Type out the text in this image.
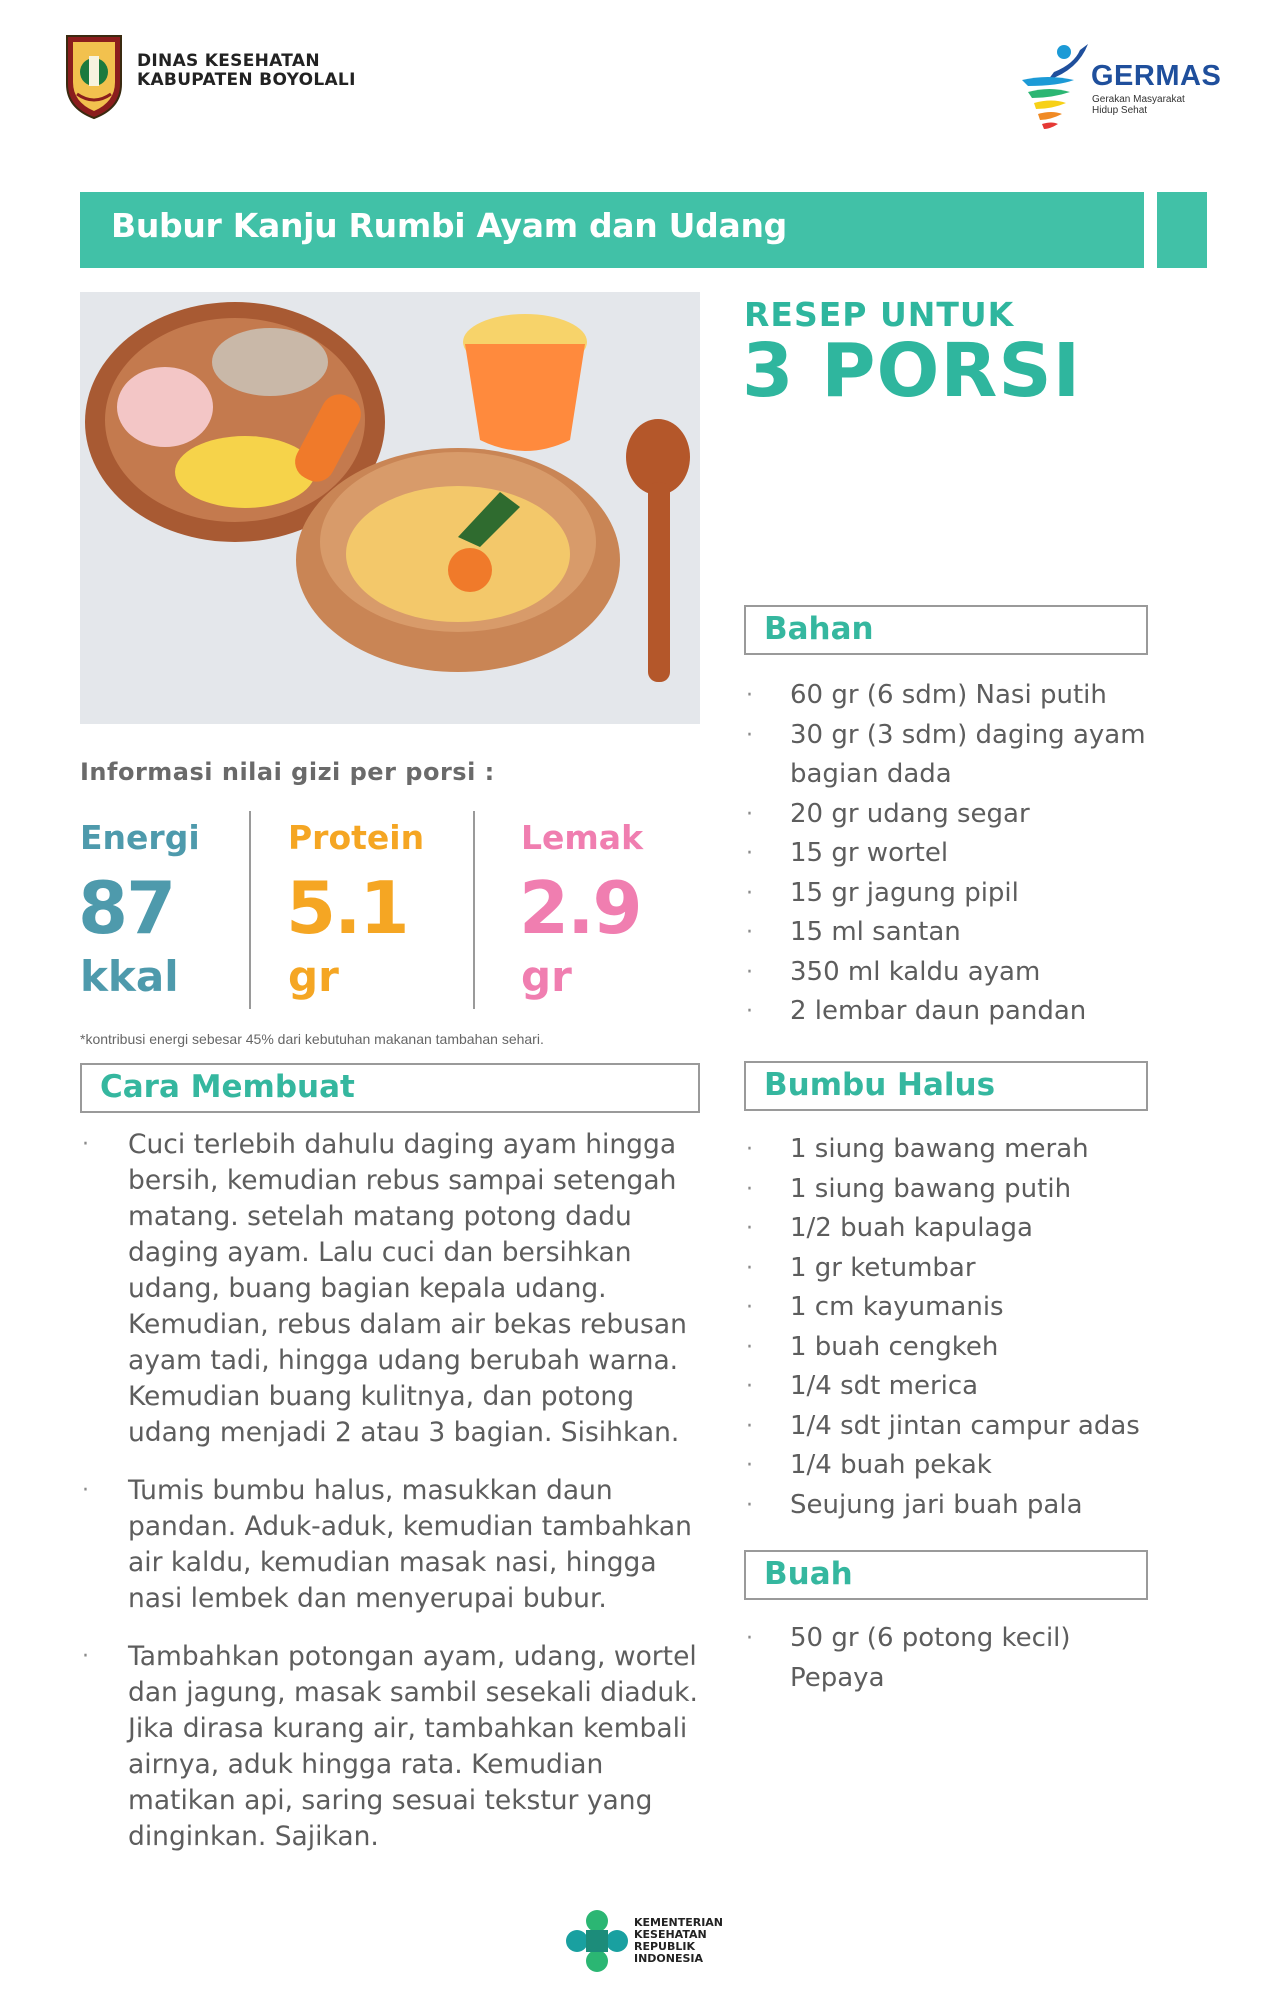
DINAS KESEHATAN
KABUPATEN BOYOLALI	GERMAS
Gerakan Masyarakat
Hidup Sehat
Bubur Kanju Rumbi Ayam dan Udang
RESEP UNTUK
3 PORSI
Informasi nilai gizi per porsi :
Energi
87
kkal
Protein
5.1
gr
Lemak
2.9
gr
*kontribusi energi sebesar 45% dari kebutuhan makanan tambahan sehari.
Cara Membuat
· Cuci terlebih dahulu daging ayam hingga bersih, kemudian rebus sampai setengah matang. setelah matang potong dadu daging ayam. Lalu cuci dan bersihkan udang, buang bagian kepala udang. Kemudian, rebus dalam air bekas rebusan ayam tadi, hingga udang berubah warna. Kemudian buang kulitnya, dan potong udang menjadi 2 atau 3 bagian. Sisihkan.
· Tumis bumbu halus, masukkan daun pandan. Aduk-aduk, kemudian tambahkan air kaldu, kemudian masak nasi, hingga nasi lembek dan menyerupai bubur.
· Tambahkan potongan ayam, udang, wortel dan jagung, masak sambil sesekali diaduk. Jika dirasa kurang air, tambahkan kembali airnya, aduk hingga rata. Kemudian matikan api, saring sesuai tekstur yang dinginkan. Sajikan.
Bahan
· 60 gr (6 sdm) Nasi putih
· 30 gr (3 sdm) daging ayam
bagian dada
· 20 gr udang segar
· 15 gr wortel
· 15 gr jagung pipil
· 15 ml santan
· 350 ml kaldu ayam
· 2 lembar daun pandan
Bumbu Halus
· 1 siung bawang merah
· 1 siung bawang putih
· 1/2 buah kapulaga
· 1 gr ketumbar
· 1 cm kayumanis
· 1 buah cengkeh
· 1/4 sdt merica
· 1/4 sdt jintan campur adas
· 1/4 buah pekak
· Seujung jari buah pala
Buah
· 50 gr (6 potong kecil)
Pepaya
KEMENTERIAN
KESEHATAN
REPUBLIK
INDONESIA
